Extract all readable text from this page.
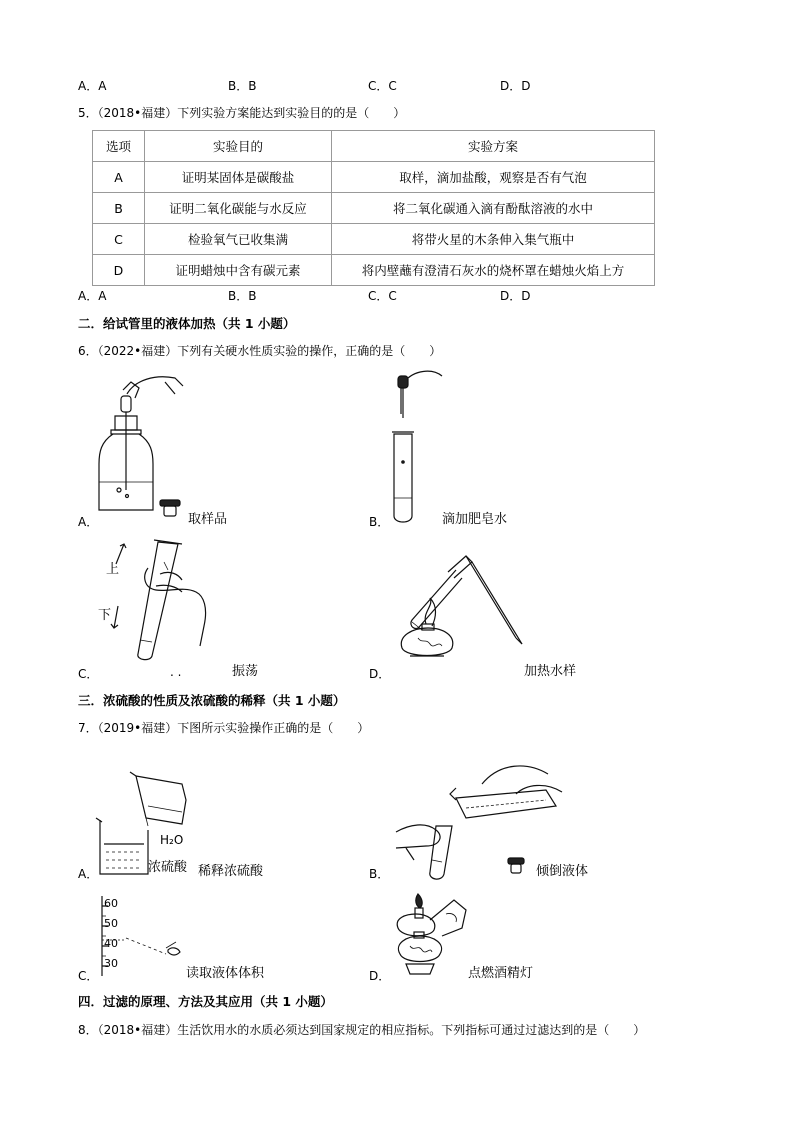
A．A	B．B	C．C	D．D
5．（2018•福建）下列实验方案能达到实验目的的是（　　）
选项	实验目的	实验方案
A	证明某固体是碳酸盐	取样，滴加盐酸，观察是否有气泡
B	证明二氧化碳能与水反应	将二氧化碳通入滴有酚酞溶液的水中
C	检验氧气已收集满	将带火星的木条伸入集气瓶中
D	证明蜡烛中含有碳元素	将内壁蘸有澄清石灰水的烧杯罩在蜡烛火焰上方
A．A	B．B	C．C	D．D
二．给试管里的液体加热（共 1 小题）
6．（2022•福建）下列有关硬水性质实验的操作，正确的是（　　）
A．	取样品	B．	滴加肥皂水
上
下
C．	. .	振荡	D．	加热水样
三．浓硫酸的性质及浓硫酸的稀释（共 1 小题）
7．（2019•福建）下图所示实验操作正确的是（　　）
H₂O
浓硫酸
A．	稀释浓硫酸	B．	倾倒液体
60
50
40
30
C．	读取液体体积	D．	点燃酒精灯
四．过滤的原理、方法及其应用（共 1 小题）
8．（2018•福建）生活饮用水的水质必须达到国家规定的相应指标。下列指标可通过过滤达到的是（　　）
